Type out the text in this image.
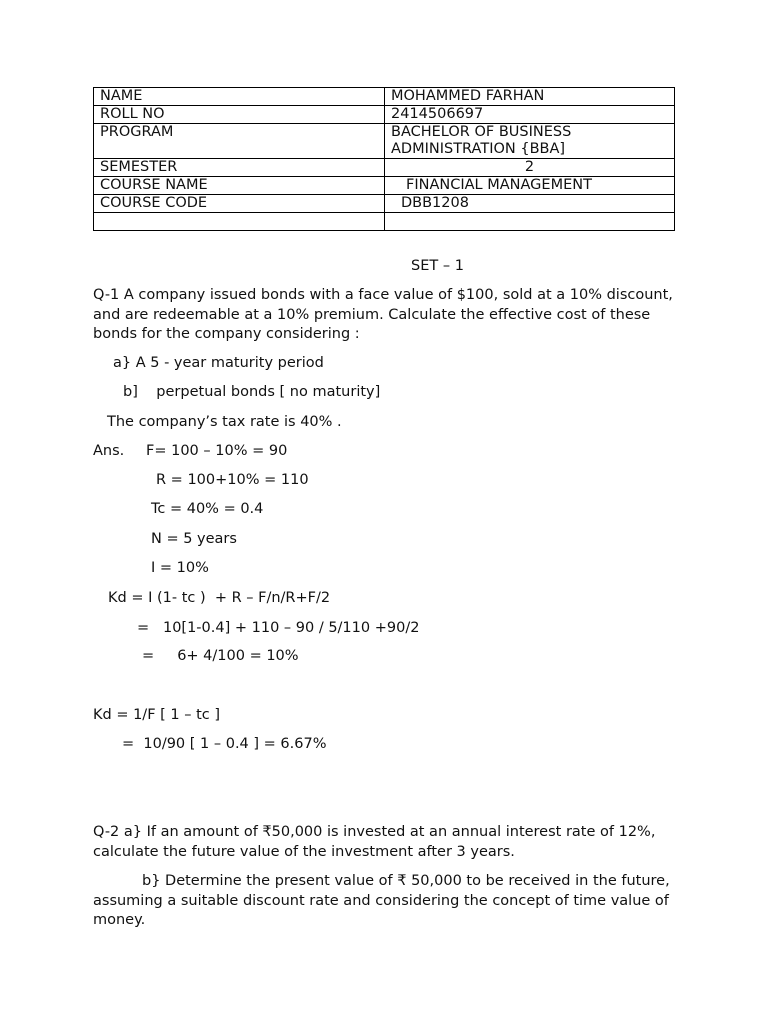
NAME	MOHAMMED FARHAN
ROLL NO	2414506697
PROGRAM	BACHELOR OF BUSINESS ADMINISTRATION {BBA]
SEMESTER	2
COURSE NAME	FINANCIAL MANAGEMENT
COURSE CODE	DBB1208

SET – 1
Q-1 A company issued bonds with a face value of $100, sold at a 10% discount, and are redeemable at a 10% premium. Calculate the effective cost of these bonds for the company considering :
a} A 5 - year maturity period
b]    perpetual bonds [ no maturity]
The company’s tax rate is 40% .
Ans. F= 100 – 10% = 90
R = 100+10% = 110
Tc = 40% = 0.4
N = 5 years
I = 10%
Kd = I (1- tc )  + R – F/n/R+F/2
=   10[1-0.4] + 110 – 90 / 5/110 +90/2
=     6+ 4/100 = 10%
Kd = 1/F [ 1 – tc ]
=  10/90 [ 1 – 0.4 ] = 6.67%
Q-2 a} If an amount of ₹50,000 is invested at an annual interest rate of 12%, calculate the future value of the investment after 3 years.
b} Determine the present value of ₹ 50,000 to be received in the future, assuming a suitable discount rate and considering the concept of time value of money.
